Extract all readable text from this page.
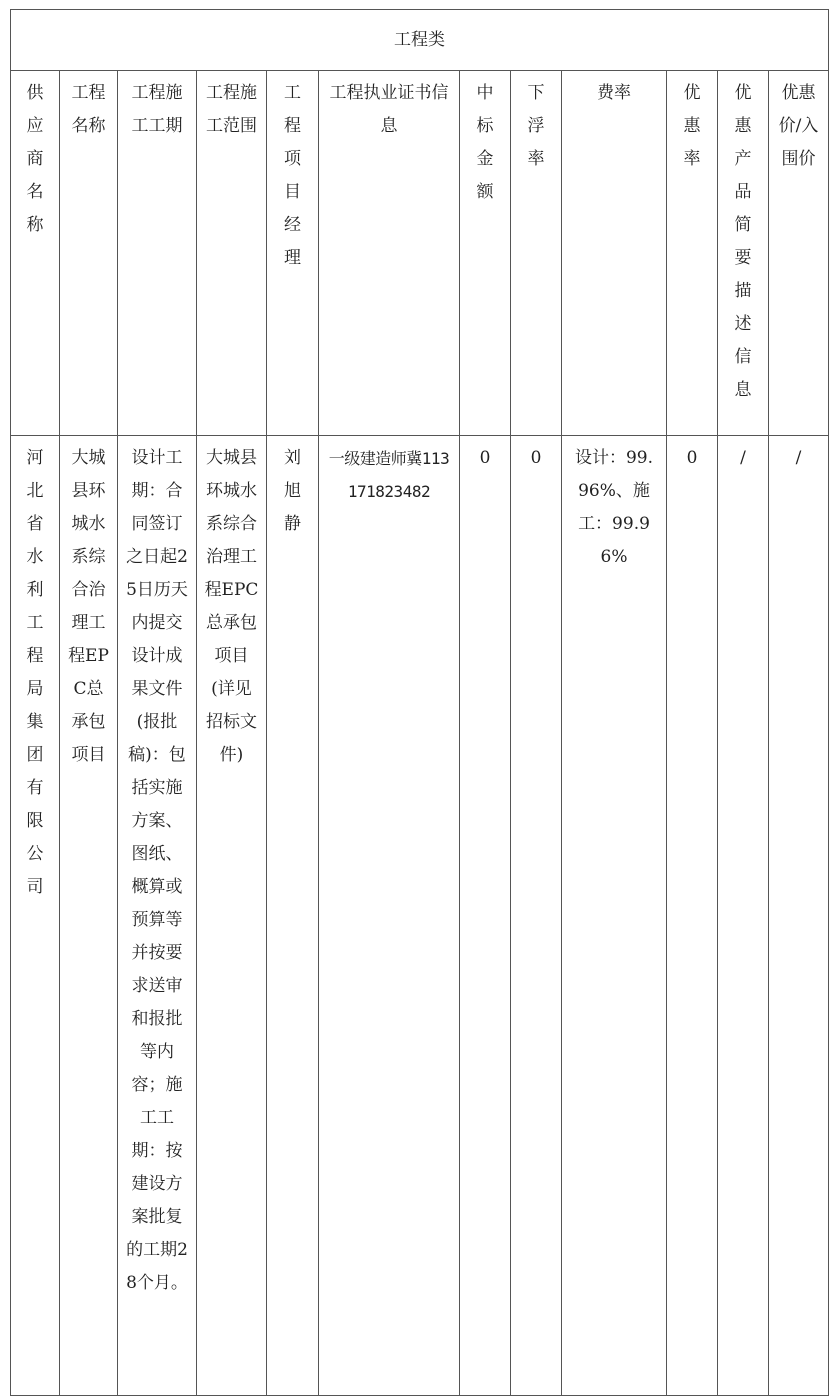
工程类											

供应商名称	工程名称	工程施工工期	工程施工范围	工程项目经理	工程执业证书信息	中标金额	下浮率	费率	优惠率	优惠产品简要描述信息	优惠价/入围价

河北省水利工程局集团有限公司	大城县环城水系综合治理工程EPC总承包项目	设计工期：合同签订之日起25日历天内提交设计成果文件(报批稿)：包括实施方案、图纸、概算或预算等并按要求送审和报批等内容；施工工期：按建设方案批复的工期28个月。	大城县环城水系综合治理工程EPC总承包项目(详见招标文件)	刘旭静	一级建造师冀113171823482	0	0	设计：99.96%、施工：99.96%	0	/	/
